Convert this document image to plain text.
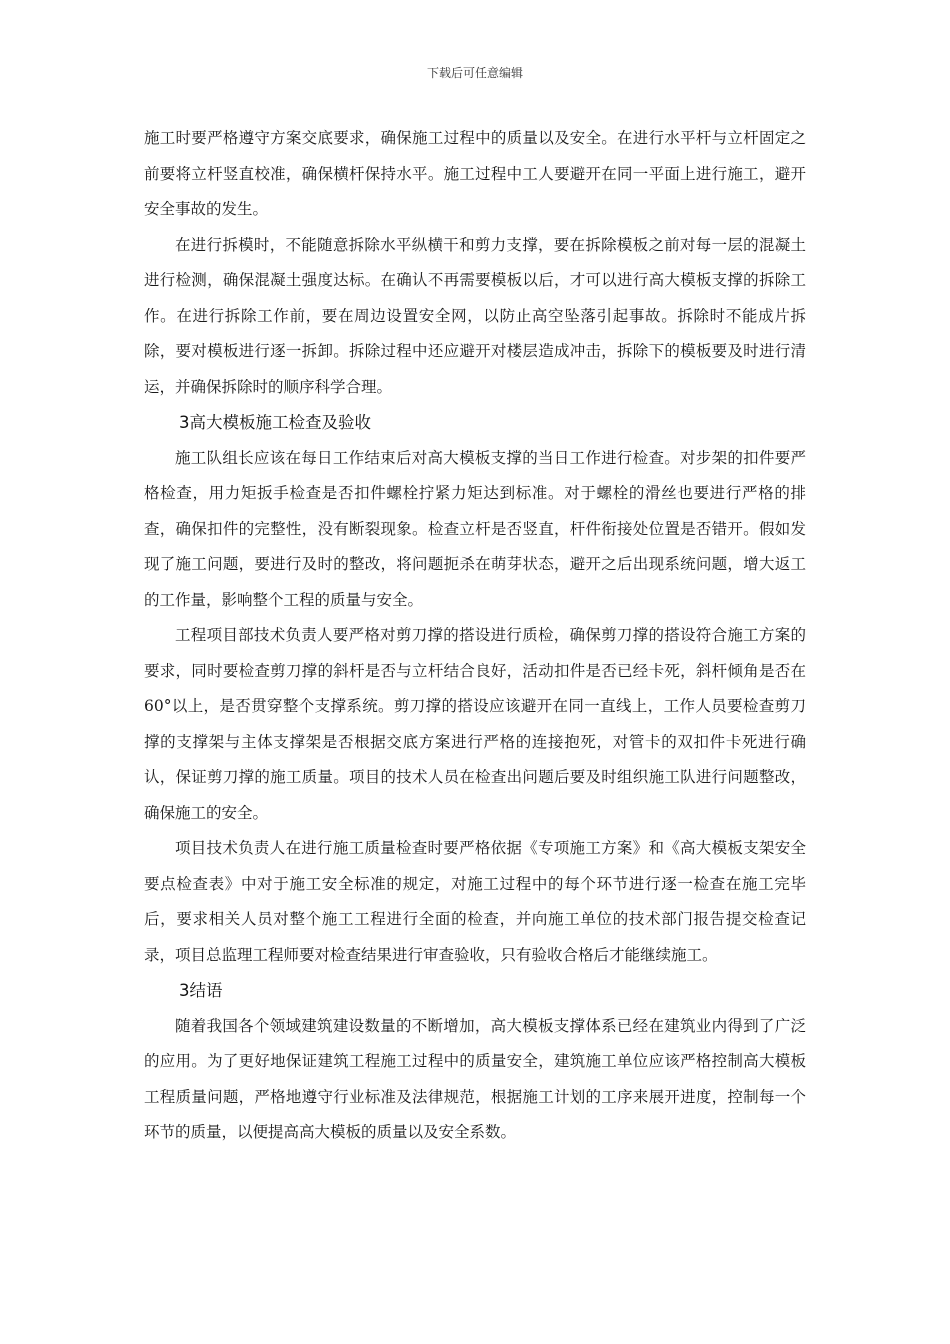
下载后可任意编辑

施工时要严格遵守方案交底要求，确保施工过程中的质量以及安全。在进行水平杆与立杆固定之前要将立杆竖直校准，确保横杆保持水平。施工过程中工人要避开在同一平面上进行施工，避开安全事故的发生。

在进行拆模时，不能随意拆除水平纵横干和剪力支撑，要在拆除模板之前对每一层的混凝土进行检测，确保混凝土强度达标。在确认不再需要模板以后，才可以进行高大模板支撑的拆除工作。在进行拆除工作前，要在周边设置安全网，以防止高空坠落引起事故。拆除时不能成片拆除，要对模板进行逐一拆卸。拆除过程中还应避开对楼层造成冲击，拆除下的模板要及时进行清运，并确保拆除时的顺序科学合理。

3高大模板施工检查及验收

施工队组长应该在每日工作结束后对高大模板支撑的当日工作进行检查。对步架的扣件要严格检查，用力矩扳手检查是否扣件螺栓拧紧力矩达到标准。对于螺栓的滑丝也要进行严格的排查，确保扣件的完整性，没有断裂现象。检查立杆是否竖直，杆件衔接处位置是否错开。假如发现了施工问题，要进行及时的整改，将问题扼杀在萌芽状态，避开之后出现系统问题，增大返工的工作量，影响整个工程的质量与安全。

工程项目部技术负责人要严格对剪刀撑的搭设进行质检，确保剪刀撑的搭设符合施工方案的要求，同时要检查剪刀撑的斜杆是否与立杆结合良好，活动扣件是否已经卡死，斜杆倾角是否在60°以上，是否贯穿整个支撑系统。剪刀撑的搭设应该避开在同一直线上，工作人员要检查剪刀撑的支撑架与主体支撑架是否根据交底方案进行严格的连接抱死，对管卡的双扣件卡死进行确认，保证剪刀撑的施工质量。项目的技术人员在检查出问题后要及时组织施工队进行问题整改，确保施工的安全。

项目技术负责人在进行施工质量检查时要严格依据《专项施工方案》和《高大模板支架安全要点检查表》中对于施工安全标准的规定，对施工过程中的每个环节进行逐一检查在施工完毕后，要求相关人员对整个施工工程进行全面的检查，并向施工单位的技术部门报告提交检查记录，项目总监理工程师要对检查结果进行审查验收，只有验收合格后才能继续施工。

3结语

随着我国各个领域建筑建设数量的不断增加，高大模板支撑体系已经在建筑业内得到了广泛的应用。为了更好地保证建筑工程施工过程中的质量安全，建筑施工单位应该严格控制高大模板工程质量问题，严格地遵守行业标准及法律规范，根据施工计划的工序来展开进度，控制每一个环节的质量，以便提高高大模板的质量以及安全系数。
